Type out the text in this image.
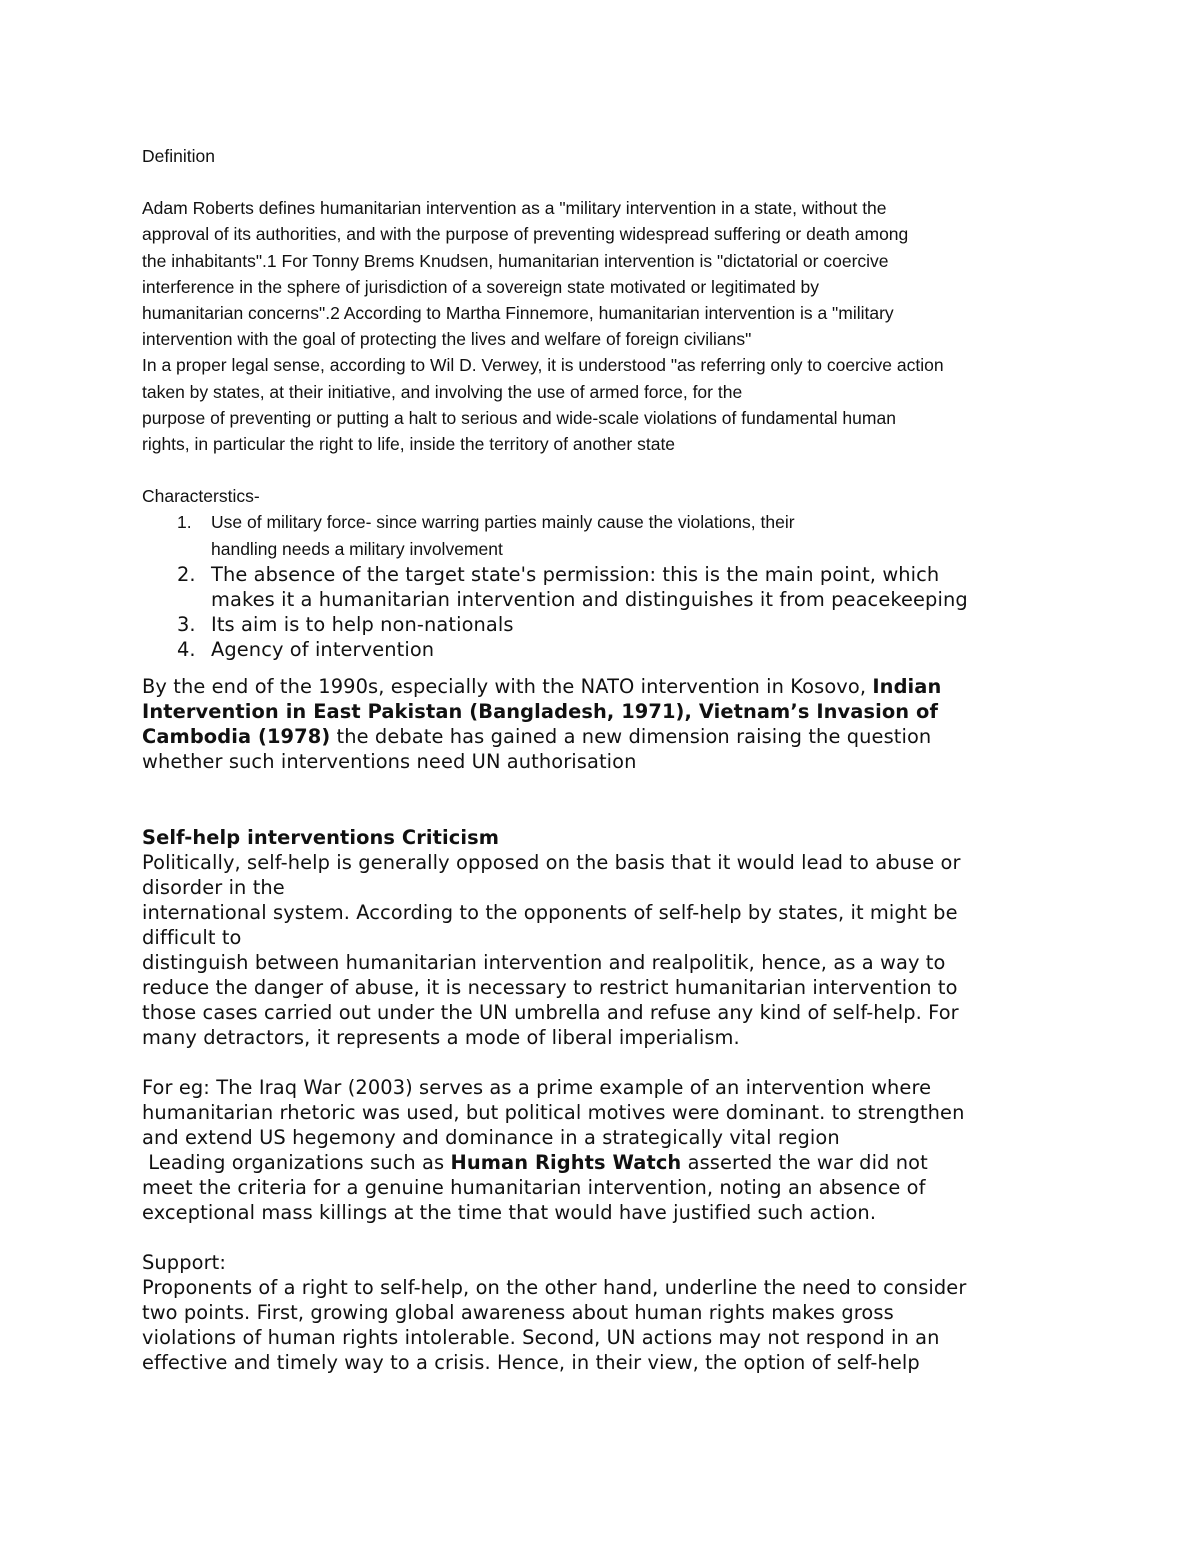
Definition
Adam Roberts defines humanitarian intervention as a "military intervention in a state, without the
approval of its authorities, and with the purpose of preventing widespread suffering or death among
the inhabitants".1 For Tonny Brems Knudsen, humanitarian intervention is "dictatorial or coercive
interference in the sphere of jurisdiction of a sovereign state motivated or legitimated by
humanitarian concerns".2 According to Martha Finnemore, humanitarian intervention is a "military
intervention with the goal of protecting the lives and welfare of foreign civilians"
In a proper legal sense, according to Wil D. Verwey, it is understood "as referring only to coercive action
taken by states, at their initiative, and involving the use of armed force, for the
purpose of preventing or putting a halt to serious and wide-scale violations of fundamental human
rights, in particular the right to life, inside the territory of another state
Characterstics-
1. Use of military force- since warring parties mainly cause the violations, their
handling needs a military involvement
2. The absence of the target state's permission: this is the main point, which
makes it a humanitarian intervention and distinguishes it from peacekeeping
3. Its aim is to help non-nationals
4. Agency of intervention
By the end of the 1990s, especially with the NATO intervention in Kosovo, Indian
Intervention in East Pakistan (Bangladesh, 1971), Vietnam’s Invasion of
Cambodia (1978) the debate has gained a new dimension raising the question
whether such interventions need UN authorisation
Self-help interventions Criticism
Politically, self-help is generally opposed on the basis that it would lead to abuse or
disorder in the
international system. According to the opponents of self-help by states, it might be
difficult to
distinguish between humanitarian intervention and realpolitik, hence, as a way to
reduce the danger of abuse, it is necessary to restrict humanitarian intervention to
those cases carried out under the UN umbrella and refuse any kind of self-help. For
many detractors, it represents a mode of liberal imperialism.
For eg: The Iraq War (2003) serves as a prime example of an intervention where
humanitarian rhetoric was used, but political motives were dominant. to strengthen
and extend US hegemony and dominance in a strategically vital region
Leading organizations such as Human Rights Watch asserted the war did not
meet the criteria for a genuine humanitarian intervention, noting an absence of
exceptional mass killings at the time that would have justified such action.
Support:
Proponents of a right to self-help, on the other hand, underline the need to consider
two points. First, growing global awareness about human rights makes gross
violations of human rights intolerable. Second, UN actions may not respond in an
effective and timely way to a crisis. Hence, in their view, the option of self-help
